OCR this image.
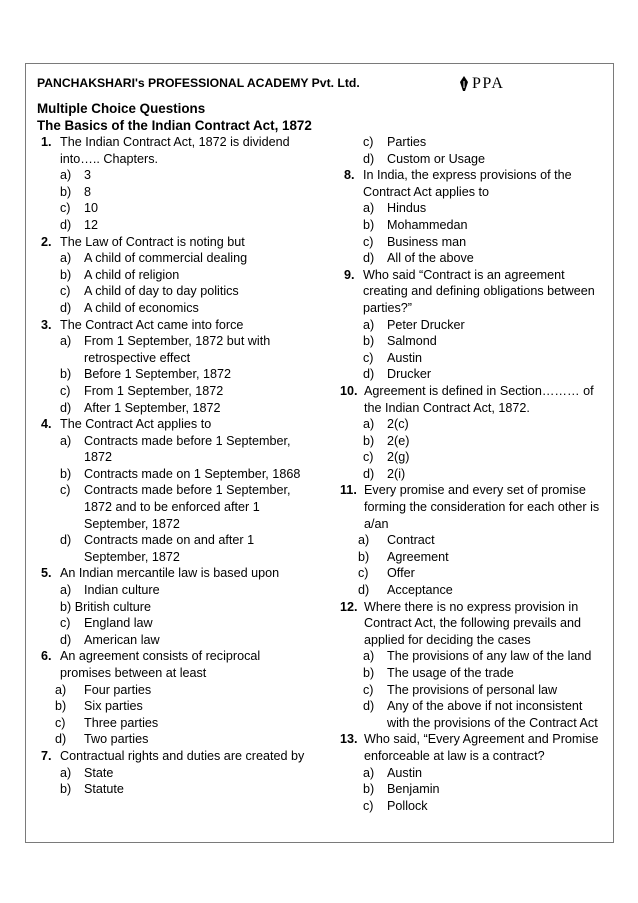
PANCHAKSHARI's PROFESSIONAL ACADEMY Pvt. Ltd.	PPA
Multiple Choice Questions
The Basics of the Indian Contract Act, 1872
1. The Indian Contract Act, 1872 is dividend into….. Chapters.
a) 3
b) 8
c) 10
d) 12
2. The Law of Contract is noting but
a) A child of commercial dealing
b) A child of religion
c) A child of day to day politics
d) A child of economics
3. The Contract Act came into force
a) From 1 September, 1872 but with retrospective effect
b) Before 1 September, 1872
c) From 1 September, 1872
d) After 1 September, 1872
4. The Contract Act applies to
a) Contracts made before 1 September, 1872
b) Contracts made on 1 September, 1868
c) Contracts made before 1 September, 1872 and to be enforced after 1 September, 1872
d) Contracts made on and after 1 September, 1872
5. An Indian mercantile law is based upon
a) Indian culture
b) British culture
c) England law
d) American law
6. An agreement consists of reciprocal promises between at least
a) Four parties
b) Six parties
c) Three parties
d) Two parties
7. Contractual rights and duties are created by
a) State
b) Statute
c) Parties
d) Custom or Usage
8. In India, the express provisions of the Contract Act applies to
a) Hindus
b) Mohammedan
c) Business man
d) All of the above
9. Who said “Contract is an agreement creating and defining obligations between parties?”
a) Peter Drucker
b) Salmond
c) Austin
d) Drucker
10. Agreement is defined in Section……… of the Indian Contract Act, 1872.
a) 2(c)
b) 2(e)
c) 2(g)
d) 2(i)
11. Every promise and every set of promise forming the consideration for each other is a/an
a) Contract
b) Agreement
c) Offer
d) Acceptance
12. Where there is no express provision in Contract Act, the following prevails and applied for deciding the cases
a) The provisions of any law of the land
b) The usage of the trade
c) The provisions of personal law
d) Any of the above if not inconsistent with the provisions of the Contract Act
13. Who said, “Every Agreement and Promise enforceable at law is a contract?
a) Austin
b) Benjamin
c) Pollock
